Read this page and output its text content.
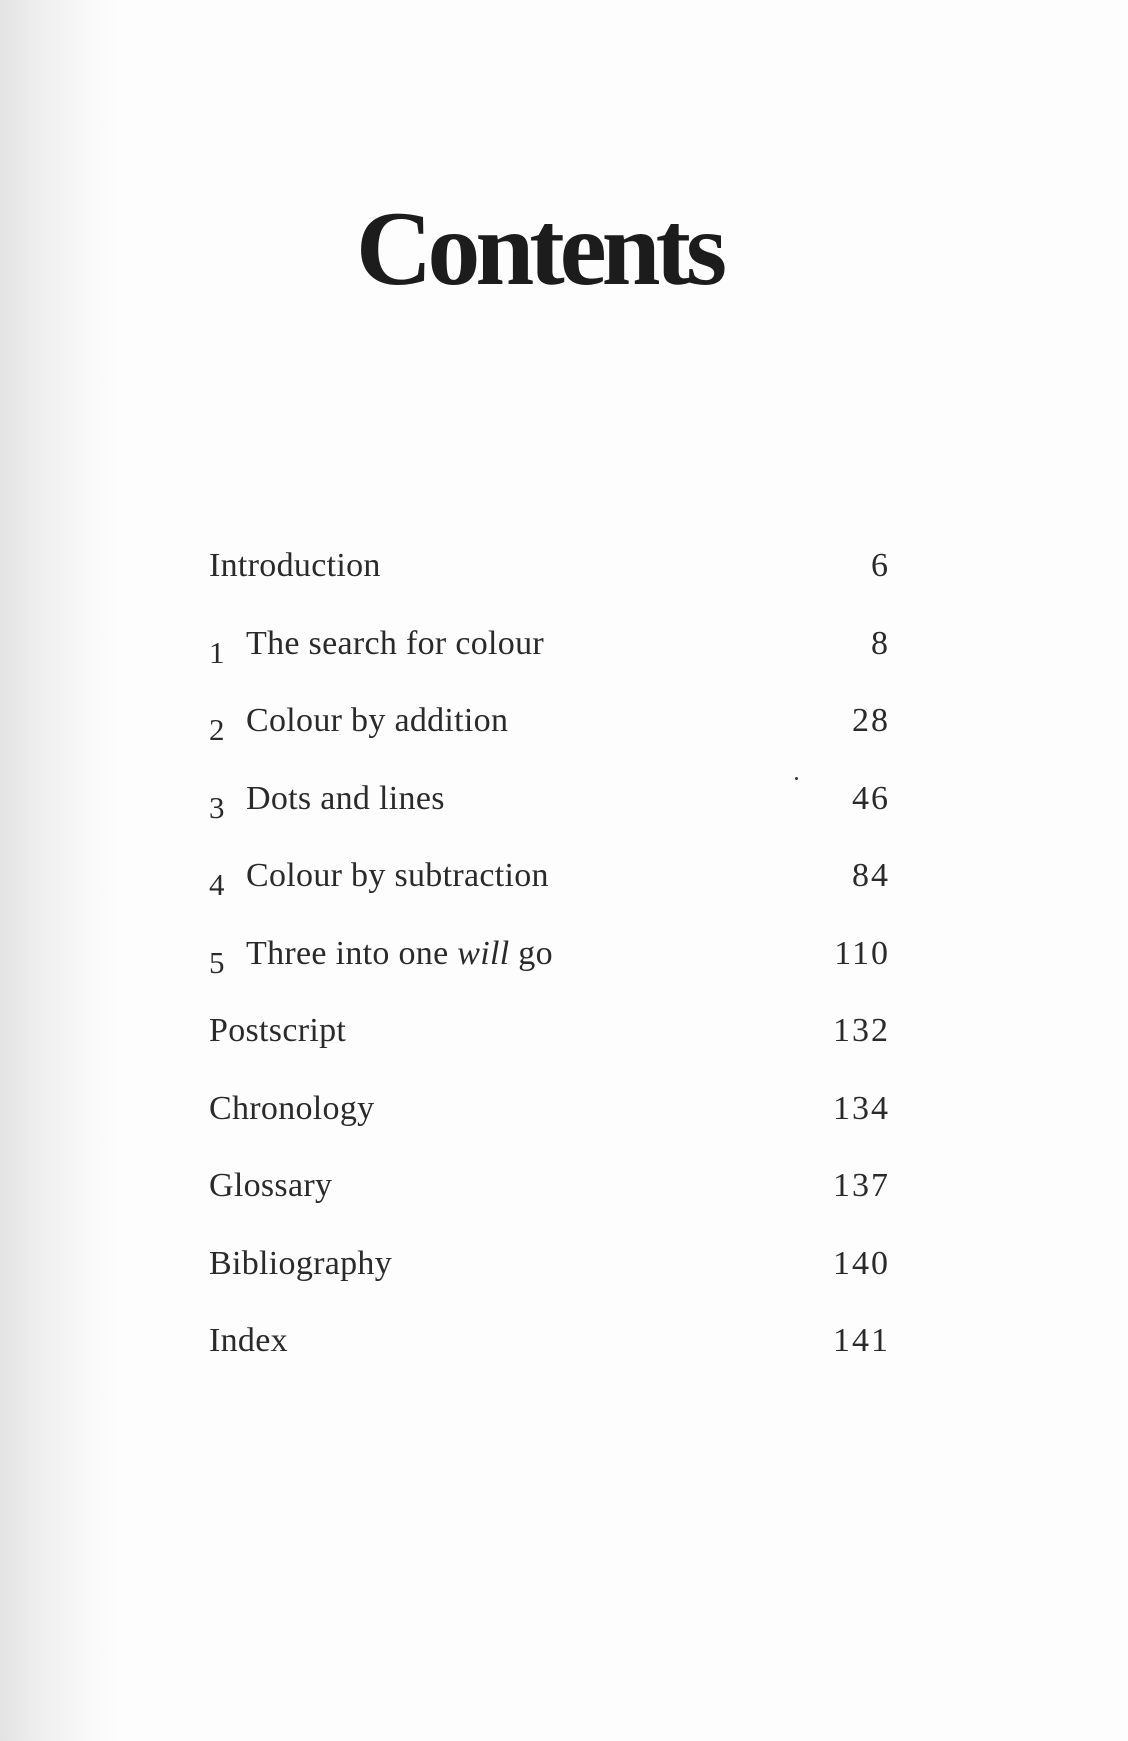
Contents
Introduction	6
1 The search for colour	8
2 Colour by addition	28
3 Dots and lines	46
4 Colour by subtraction	84
5 Three into one will go	110
Postscript	132
Chronology	134
Glossary	137
Bibliography	140
Index	141
